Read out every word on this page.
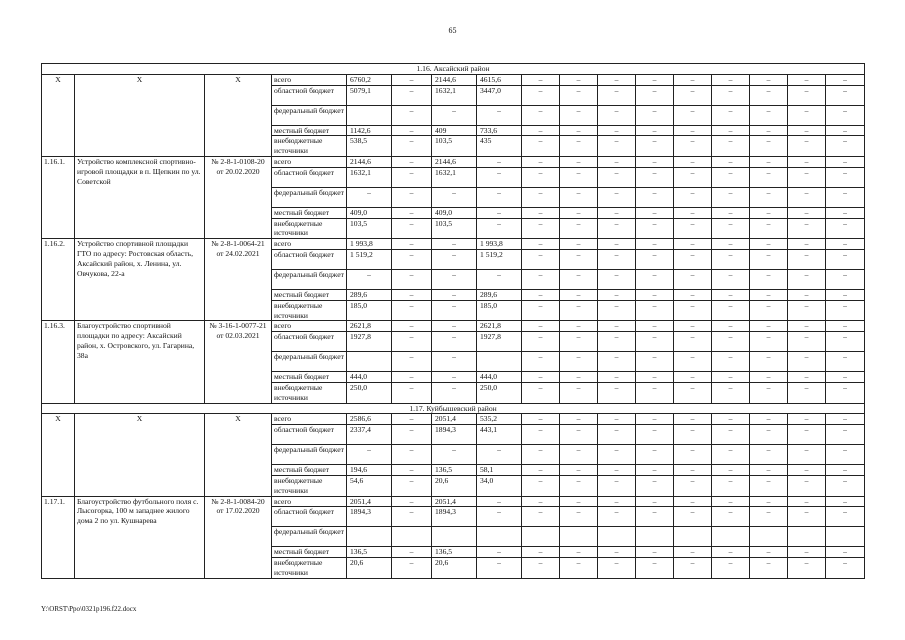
65
1.16. Аксайский район																
Х	Х	Х	всего	6760,2	–	2144,6	4615,6	–	–	–	–	–	–	–	–	–
			областной бюджет	5079,1	–	1632,1	3447,0	–	–	–	–	–	–	–	–	–
			федеральный бюджет		–	–	–	–	–	–	–	–	–	–	–	–
			местный бюджет	1142,6	–	409	733,6	–	–	–	–	–	–	–	–	–
			внебюджетные источники	538,5	–	103,5	435	–	–	–	–	–	–	–	–	–
1.16.1.	Устройство комплексной спортивно-игровой площадки в п. Щепкин по ул. Советской	№ 2-8-1-0108-20 от 20.02.2020	всего	2144,6	–	2144,6	–	–	–	–	–	–	–	–	–	–
			областной бюджет	1632,1	–	1632,1	–	–	–	–	–	–	–	–	–	–
			федеральный бюджет	–	–	–	–	–	–	–	–	–	–	–	–	–
			местный бюджет	409,0	–	409,0	–	–	–	–	–	–	–	–	–	–
			внебюджетные источники	103,5	–	103,5	–	–	–	–	–	–	–	–	–	–
1.16.2.	Устройство спортивной площадки ГТО по адресу: Ростовская область, Аксайский район, х. Ленина, ул. Овчукова, 22-а	№ 2-8-1-0064-21 от 24.02.2021	всего	1 993,8	–	–	1 993,8	–	–	–	–	–	–	–	–	–
			областной бюджет	1 519,2	–	–	1 519,2	–	–	–	–	–	–	–	–	–
			федеральный бюджет	–	–	–	–	–	–	–	–	–	–	–	–	–
			местный бюджет	289,6	–	–	289,6	–	–	–	–	–	–	–	–	–
			внебюджетные источники	185,0	–	–	185,0	–	–	–	–	–	–	–	–	–
1.16.3.	Благоустройство спортивной площадки по адресу: Аксайский район, х. Островского, ул. Гагарина, 38а	№ 3-16-1-0077-21 от 02.03.2021	всего	2621,8	–	–	2621,8	–	–	–	–	–	–	–	–	–
			областной бюджет	1927,8	–	–	1927,8	–	–	–	–	–	–	–	–	–
			федеральный бюджет		–	–		–	–	–	–	–	–	–	–	–
			местный бюджет	444,0	–	–	444,0	–	–	–	–	–	–	–	–	–
			внебюджетные источники	250,0	–	–	250,0	–	–	–	–	–	–	–	–	–
1.17. Куйбышевский район																
Х	Х	Х	всего	2586,6	–	2051,4	535,2	–	–	–	–	–	–	–	–	–
			областной бюджет	2337,4	–	1894,3	443,1	–	–	–	–	–	–	–	–	–
			федеральный бюджет	–	–	–	–	–	–	–	–	–	–	–	–	–
			местный бюджет	194,6	–	136,5	58,1	–	–	–	–	–	–	–	–	–
			внебюджетные источники	54,6	–	20,6	34,0	–	–	–	–	–	–	–	–	–
1.17.1.	Благоустройство футбольного поля с. Лысогорка, 100 м западнее жилого дома 2 по ул. Кушнарева	№ 2-8-1-0084-20 от 17.02.2020	всего	2051,4	–	2051,4	–	–	–	–	–	–	–	–	–	–
			областной бюджет	1894,3	–	1894,3	–	–	–	–	–	–	–	–	–	–
			федеральный бюджет													
			местный бюджет	136,5	–	136,5	–	–	–	–	–	–	–	–	–	–
			внебюджетные источники	20,6	–	20,6	–	–	–	–	–	–	–	–	–	–
Y:\ORST\Ppo\0321p196.f22.docx
